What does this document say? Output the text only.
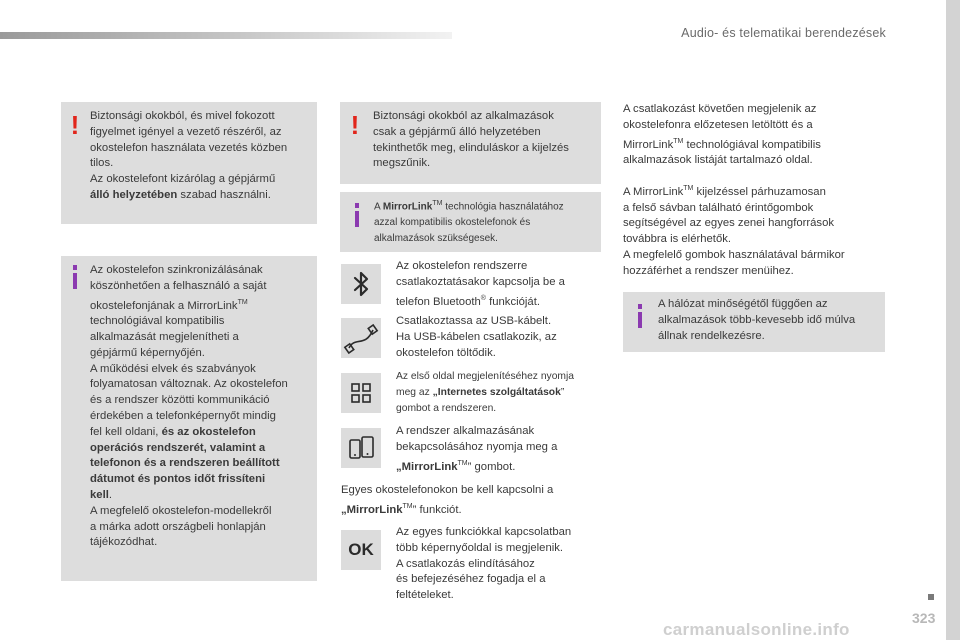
Audio- és telematikai berendezések
! Biztonsági okokból, és mivel fokozott
figyelmet igényel a vezető részéről, az
okostelefon használata vezetés közben
tilos.
Az okostelefont kizárólag a gépjármű
álló helyzetében szabad használni.
Az okostelefon szinkronizálásának
köszönhetően a felhasználó a saját
okostelefonjának a MirrorLink™
technológiával kompatibilis
alkalmazását megjelenítheti a
gépjármű képernyőjén.
A működési elvek és szabványok
folyamatosan változnak. Az okostelefon
és a rendszer közötti kommunikáció
érdekében a telefonképernyőt mindig
fel kell oldani, és az okostelefon
operációs rendszerét, valamint a
telefonon és a rendszeren beállított
dátumot és pontos időt frissíteni
kell.
A megfelelő okostelefon-modellekről
a márka adott országbeli honlapján
tájékozódhat.
! Biztonsági okokból az alkalmazások
csak a gépjármű álló helyzetében
tekinthetők meg, elinduláskor a kijelzés
megszűnik.
A MirrorLink™ technológia használatához
azzal kompatibilis okostelefonok és
alkalmazások szükségesek.
Az okostelefon rendszerre
csatlakoztatásakor kapcsolja be a
telefon Bluetooth® funkcióját.
Csatlakoztassa az USB-kábelt.
Ha USB-kábelen csatlakozik, az
okostelefon töltődik.
Az első oldal megjelenítéséhez nyomja
meg az „Internetes szolgáltatások”
gombot a rendszeren.
A rendszer alkalmazásának
bekapcsolásához nyomja meg a
„MirrorLink™” gombot.
Egyes okostelefonokon be kell kapcsolni a
„MirrorLink™” funkciót.
OK
Az egyes funkciókkal kapcsolatban
több képernyőoldal is megjelenik.
A csatlakozás elindításához
és befejezéséhez fogadja el a
feltételeket.
A csatlakozást követően megjelenik az
okostelefonra előzetesen letöltött és a
MirrorLink™ technológiával kompatibilis
alkalmazások listáját tartalmazó oldal.
A MirrorLink™ kijelzéssel párhuzamosan
a felső sávban található érintőgombok
segítségével az egyes zenei hangforrások
továbbra is elérhetők.
A megfelelő gombok használatával bármikor
hozzáférhet a rendszer menüihez.
A hálózat minőségétől függően az
alkalmazások több-kevesebb idő múlva
állnak rendelkezésre.
323
carmanualsonline.info
